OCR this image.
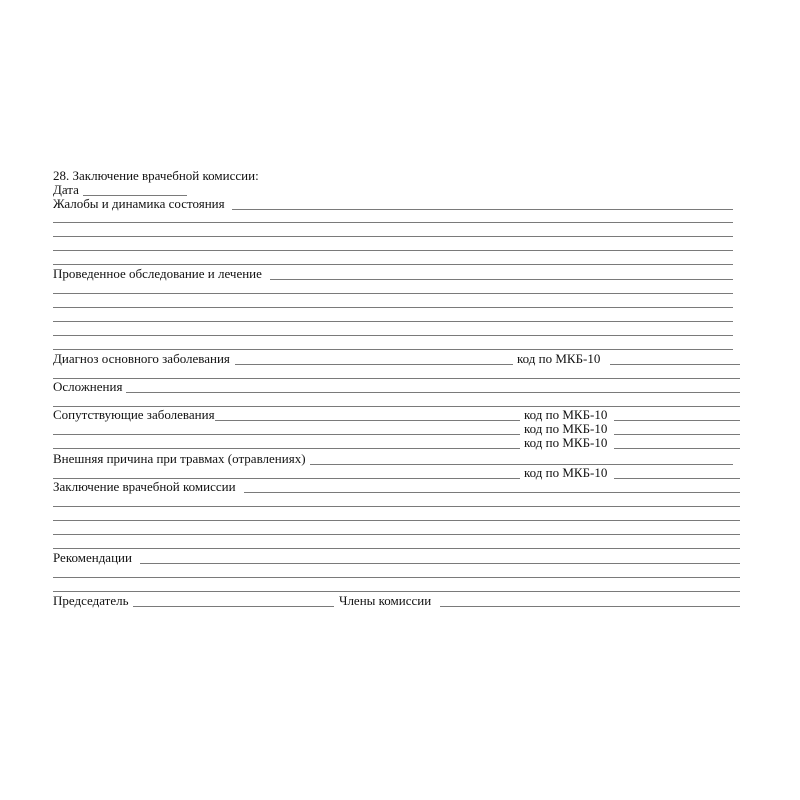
28. Заключение врачебной комиссии:
Дата
Жалобы и динамика состояния
Проведенное обследование и лечение
Диагноз основного заболевания	код по МКБ-10
Осложнения
Сопутствующие заболевания	код по МКБ-10
код по МКБ-10
код по МКБ-10
Внешняя причина при травмах (отравлениях)
код по МКБ-10
Заключение врачебной комиссии
Рекомендации
Председатель	Члены комиссии
